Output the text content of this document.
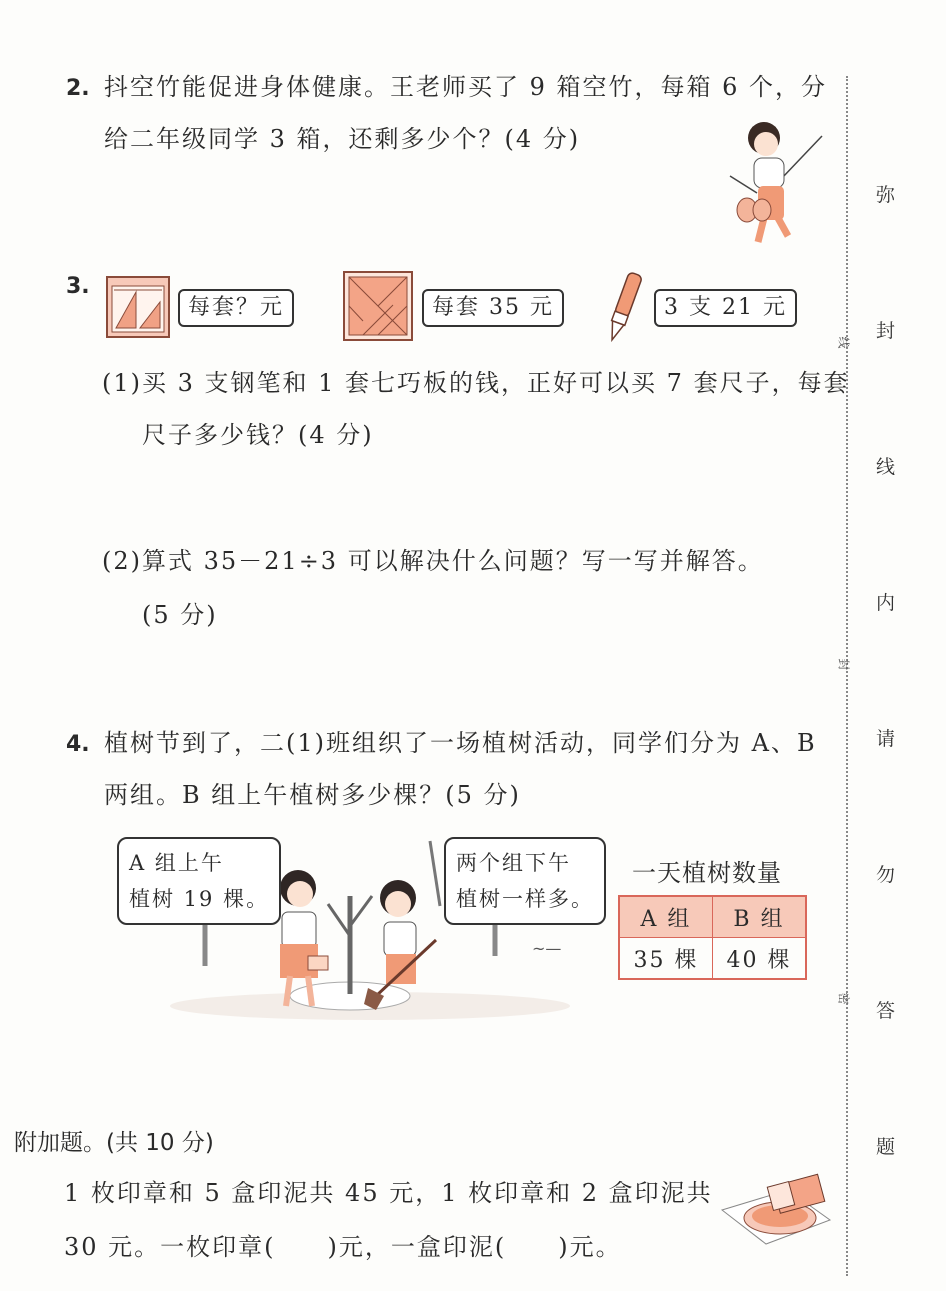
2. 抖空竹能促进身体健康。王老师买了 9 箱空竹，每箱 6 个，分
给二年级同学 3 箱，还剩多少个？(4 分)
3.
每套？元	每套 35 元	3 支 21 元
(1)买 3 支钢笔和 1 套七巧板的钱，正好可以买 7 套尺子，每套
尺子多少钱？(4 分)
(2)算式 35－21÷3 可以解决什么问题？写一写并解答。
(5 分)
4. 植树节到了，二(1)班组织了一场植树活动，同学们分为 A、B
两组。B 组上午植树多少棵？(5 分)
~—
A 组上午
植树 19 棵。
两个组下午
植树一样多。
一天植树数量
A 组	B 组
35 棵	40 棵
附加题。(共 10 分)
1 枚印章和 5 盒印泥共 45 元，1 枚印章和 2 盒印泥共
30 元。一枚印章(　　)元，一盒印泥(　　)元。
线
封
密
弥
封
线
内
请
勿
答
题
